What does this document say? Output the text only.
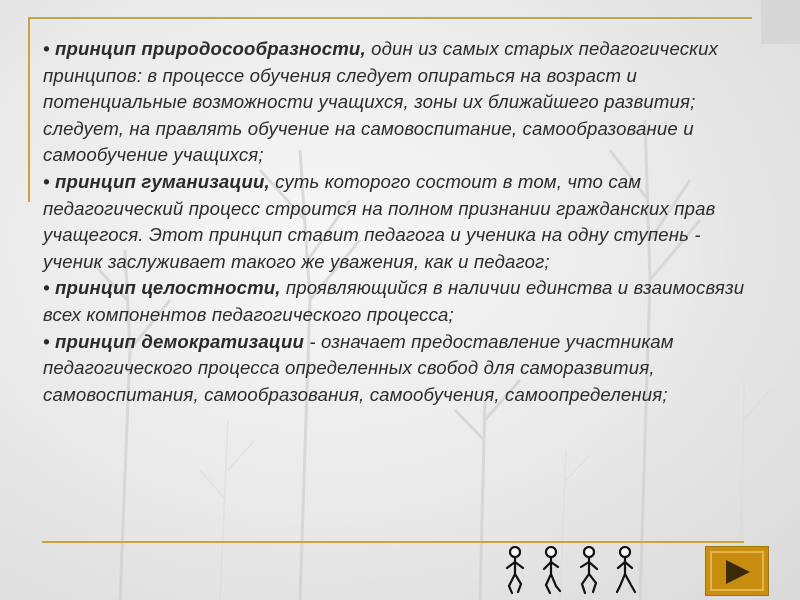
• принцип природосообразности, один из самых старых педагогических принципов: в процессе обучения следует опираться на возраст и потенциальные возможности учащихся, зоны их ближайшего развития; следует, на правлять обучение на самовоспитание, самообразование и самообучение учащихся;
• принцип гуманизации, суть которого состоит в том, что сам педагогический процесс строится на полном признании гражданских прав учащегося. Этот принцип ставит педагога и ученика на одну ступень - ученик заслуживает такого же уважения, как и педагог;
• принцип целостности, проявляющийся в наличии единства и взаимосвязи всех компонентов педагогического процесса;
• принцип демократизации - означает предоставление участникам педагогического процесса определенных свобод для саморазвития, самовоспитания, самообразования, самообучения, самоопределения;
